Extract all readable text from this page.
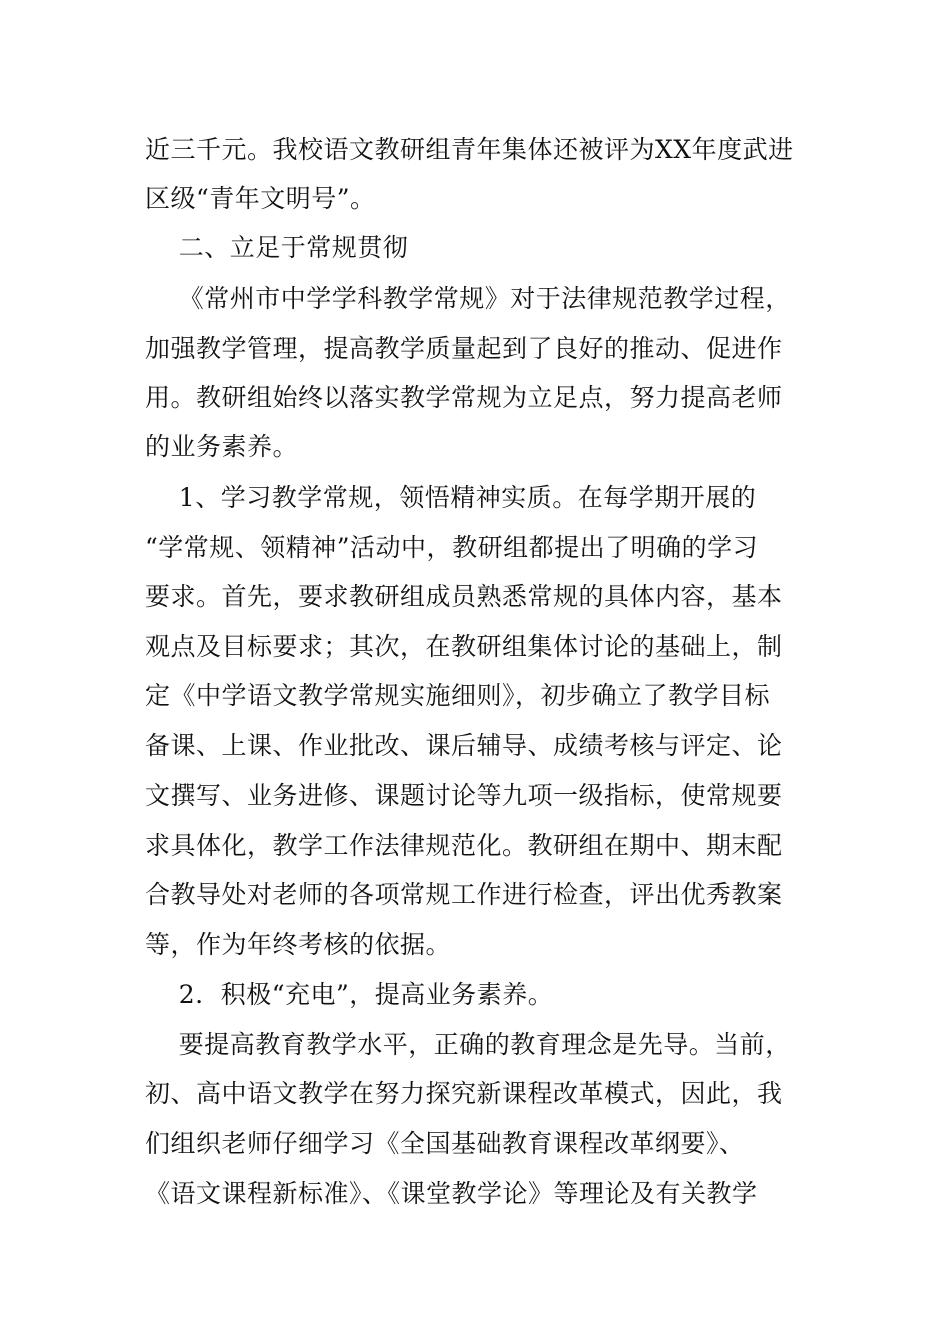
近三千元。我校语文教研组青年集体还被评为XX年度武进
区级“青年文明号”。
二、立足于常规贯彻
《常州市中学学科教学常规》对于法律规范教学过程，
加强教学管理，提高教学质量起到了良好的推动、促进作
用。教研组始终以落实教学常规为立足点，努力提高老师
的业务素养。
1、学习教学常规，领悟精神实质。在每学期开展的
“学常规、领精神”活动中，教研组都提出了明确的学习
要求。首先，要求教研组成员熟悉常规的具体内容，基本
观点及目标要求；其次，在教研组集体讨论的基础上，制
定《中学语文教学常规实施细则》，初步确立了教学目标
备课、上课、作业批改、课后辅导、成绩考核与评定、论
文撰写、业务进修、课题讨论等九项一级指标，使常规要
求具体化，教学工作法律规范化。教研组在期中、期末配
合教导处对老师的各项常规工作进行检查，评出优秀教案
等，作为年终考核的依据。
2．积极“充电”，提高业务素养。
要提高教育教学水平，正确的教育理念是先导。当前，
初、高中语文教学在努力探究新课程改革模式，因此，我
们组织老师仔细学习《全国基础教育课程改革纲要》、
《语文课程新标准》、《课堂教学论》等理论及有关教学
